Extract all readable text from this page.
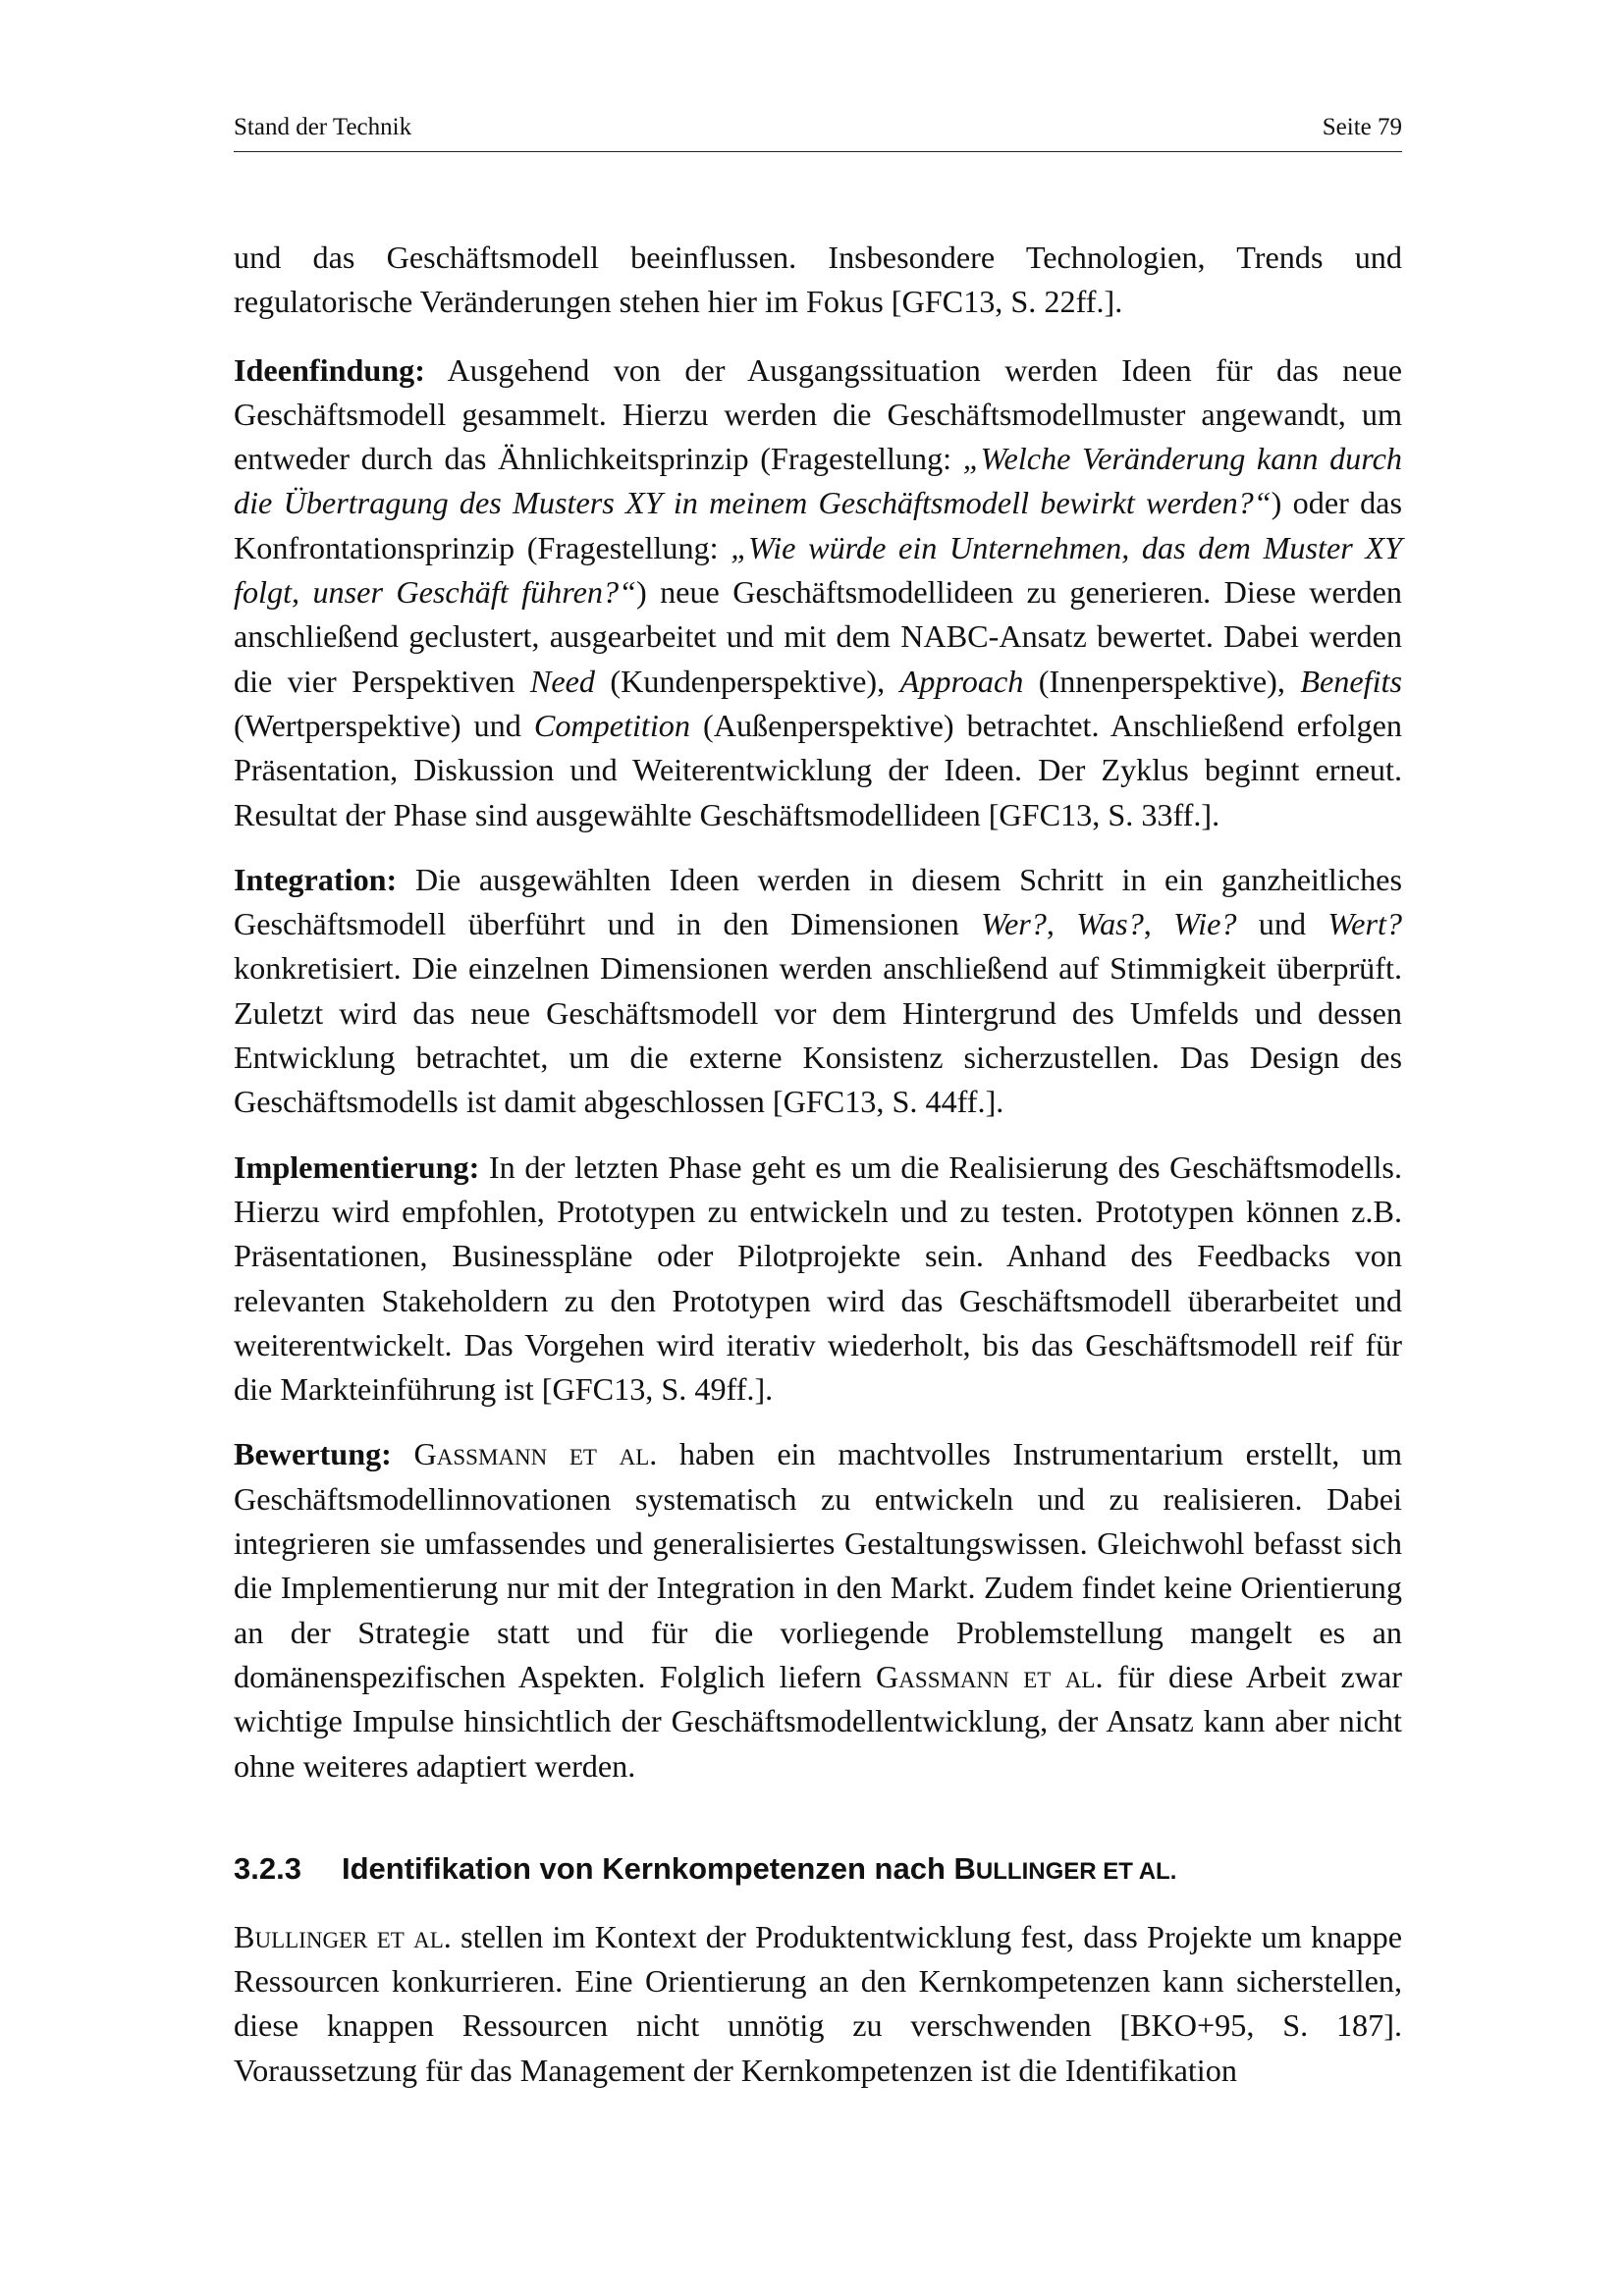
Stand der Technik	Seite 79

und das Geschäftsmodell beeinflussen. Insbesondere Technologien, Trends und regulatorische Veränderungen stehen hier im Fokus [GFC13, S. 22ff.].

Ideenfindung: Ausgehend von der Ausgangssituation werden Ideen für das neue Geschäftsmodell gesammelt. Hierzu werden die Geschäftsmodellmuster angewandt, um entweder durch das Ähnlichkeitsprinzip (Fragestellung: „Welche Veränderung kann durch die Übertragung des Musters XY in meinem Geschäftsmodell bewirkt werden?“) oder das Konfrontationsprinzip (Fragestellung: „Wie würde ein Unternehmen, das dem Muster XY folgt, unser Geschäft führen?“) neue Geschäftsmodellideen zu generieren. Diese werden anschließend geclustert, ausgearbeitet und mit dem NABC-Ansatz bewertet. Dabei werden die vier Perspektiven Need (Kundenperspektive), Approach (Innenperspektive), Benefits (Wertperspektive) und Competition (Außenperspektive) betrachtet. Anschließend erfolgen Präsentation, Diskussion und Weiterentwicklung der Ideen. Der Zyklus beginnt erneut. Resultat der Phase sind ausgewählte Geschäftsmodellideen [GFC13, S. 33ff.].

Integration: Die ausgewählten Ideen werden in diesem Schritt in ein ganzheitliches Geschäftsmodell überführt und in den Dimensionen Wer?, Was?, Wie? und Wert? konkretisiert. Die einzelnen Dimensionen werden anschließend auf Stimmigkeit überprüft. Zuletzt wird das neue Geschäftsmodell vor dem Hintergrund des Umfelds und dessen Entwicklung betrachtet, um die externe Konsistenz sicherzustellen. Das Design des Geschäftsmodells ist damit abgeschlossen [GFC13, S. 44ff.].

Implementierung: In der letzten Phase geht es um die Realisierung des Geschäftsmodells. Hierzu wird empfohlen, Prototypen zu entwickeln und zu testen. Prototypen können z.B. Präsentationen, Businesspläne oder Pilotprojekte sein. Anhand des Feedbacks von relevanten Stakeholdern zu den Prototypen wird das Geschäftsmodell überarbeitet und weiterentwickelt. Das Vorgehen wird iterativ wiederholt, bis das Geschäftsmodell reif für die Markteinführung ist [GFC13, S. 49ff.].

Bewertung: Gassmann et al. haben ein machtvolles Instrumentarium erstellt, um Geschäftsmodellinnovationen systematisch zu entwickeln und zu realisieren. Dabei integrieren sie umfassendes und generalisiertes Gestaltungswissen. Gleichwohl befasst sich die Implementierung nur mit der Integration in den Markt. Zudem findet keine Orientierung an der Strategie statt und für die vorliegende Problemstellung mangelt es an domänenspezifischen Aspekten. Folglich liefern Gassmann et al. für diese Arbeit zwar wichtige Impulse hinsichtlich der Geschäftsmodellentwicklung, der Ansatz kann aber nicht ohne weiteres adaptiert werden.

3.2.3 Identifikation von Kernkompetenzen nach BULLINGER ET AL.

Bullinger et al. stellen im Kontext der Produktentwicklung fest, dass Projekte um knappe Ressourcen konkurrieren. Eine Orientierung an den Kernkompetenzen kann sicherstellen, diese knappen Ressourcen nicht unnötig zu verschwenden [BKO+95, S. 187]. Voraussetzung für das Management der Kernkompetenzen ist die Identifikation
